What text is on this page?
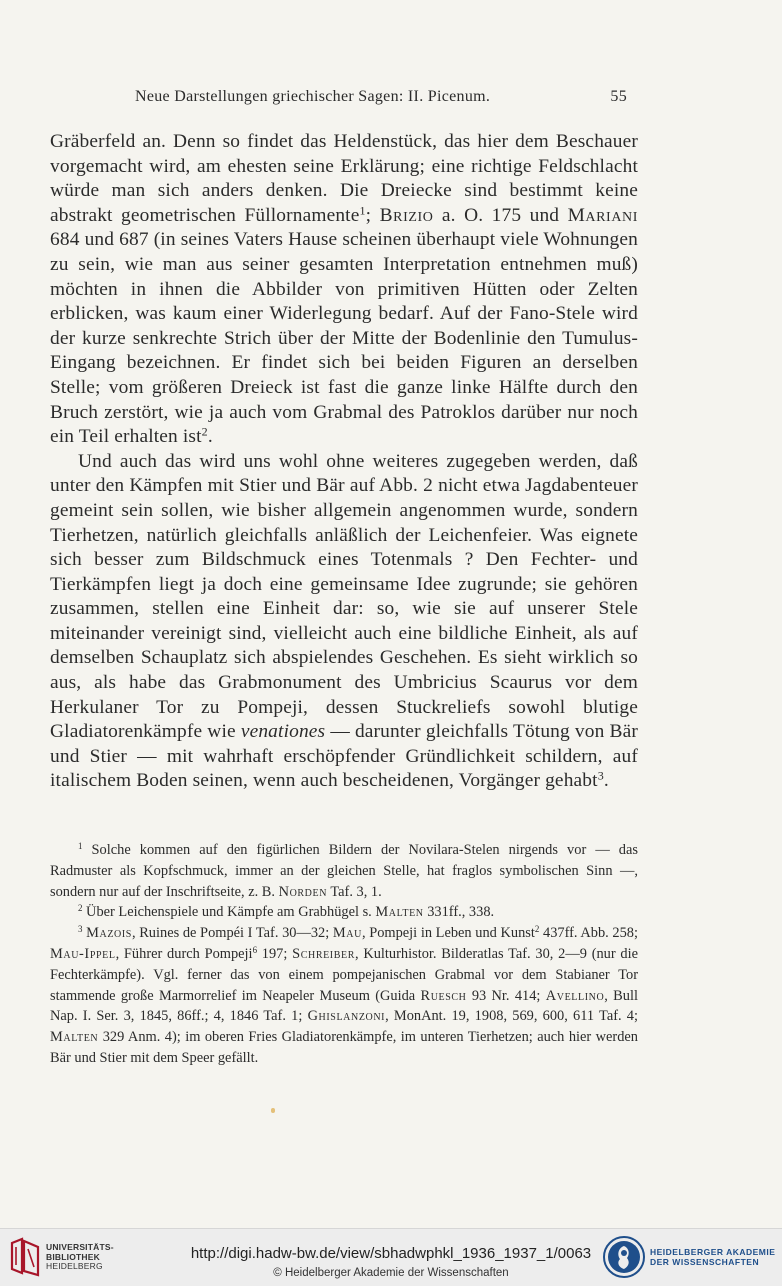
Neue Darstellungen griechischer Sagen: II. Picenum.	55

Gräberfeld an. Denn so findet das Heldenstück, das hier dem Beschauer vorgemacht wird, am ehesten seine Erklärung; eine richtige Feldschlacht würde man sich anders denken. Die Dreiecke sind bestimmt keine abstrakt geometrischen Füllornamente$^1$; Brizio a. O. 175 und Mariani 684 und 687 (in seines Vaters Hause scheinen überhaupt viele Wohnungen zu sein, wie man aus seiner gesamten Interpretation entnehmen muß) möchten in ihnen die Abbilder von primitiven Hütten oder Zelten erblicken, was kaum einer Widerlegung bedarf. Auf der Fano-Stele wird der kurze senkrechte Strich über der Mitte der Bodenlinie den Tumulus-Eingang bezeichnen. Er findet sich bei beiden Figuren an derselben Stelle; vom größeren Dreieck ist fast die ganze linke Hälfte durch den Bruch zerstört, wie ja auch vom Grabmal des Patroklos darüber nur noch ein Teil erhalten ist$^2$.

Und auch das wird uns wohl ohne weiteres zugegeben werden, daß unter den Kämpfen mit Stier und Bär auf Abb. 2 nicht etwa Jagdabenteuer gemeint sein sollen, wie bisher allgemein angenommen wurde, sondern Tierhetzen, natürlich gleichfalls anläßlich der Leichenfeier. Was eignete sich besser zum Bildschmuck eines Totenmals ? Den Fechter- und Tierkämpfen liegt ja doch eine gemeinsame Idee zugrunde; sie gehören zusammen, stellen eine Einheit dar: so, wie sie auf unserer Stele miteinander vereinigt sind, vielleicht auch eine bildliche Einheit, als auf demselben Schauplatz sich abspielendes Geschehen. Es sieht wirklich so aus, als habe das Grabmonument des Umbricius Scaurus vor dem Herkulaner Tor zu Pompeji, dessen Stuckreliefs sowohl blutige Gladiatorenkämpfe wie venationes — darunter gleichfalls Tötung von Bär und Stier — mit wahrhaft erschöpfender Gründlichkeit schildern, auf italischem Boden seinen, wenn auch bescheidenen, Vorgänger gehabt$^3$.

$^1$ Solche kommen auf den figürlichen Bildern der Novilara-Stelen nirgends vor — das Radmuster als Kopfschmuck, immer an der gleichen Stelle, hat fraglos symbolischen Sinn —, sondern nur auf der Inschriftseite, z. B. Norden Taf. 3, 1.

$^2$ Über Leichenspiele und Kämpfe am Grabhügel s. Malten 331ff., 338.

$^3$ Mazois, Ruines de Pompéi I Taf. 30—32; Mau, Pompeji in Leben und Kunst$^2$ 437ff. Abb. 258; Mau-Ippel, Führer durch Pompeji$^6$ 197; Schreiber, Kulturhistor. Bilderatlas Taf. 30, 2—9 (nur die Fechterkämpfe). Vgl. ferner das von einem pompejanischen Grabmal vor dem Stabianer Tor stammende große Marmorrelief im Neapeler Museum (Guida Ruesch 93 Nr. 414; Avellino, Bull Nap. I. Ser. 3, 1845, 86ff.; 4, 1846 Taf. 1; Ghislanzoni, MonAnt. 19, 1908, 569, 600, 611 Taf. 4; Malten 329 Anm. 4); im oberen Fries Gladiatorenkämpfe, im unteren Tierhetzen; auch hier werden Bär und Stier mit dem Speer gefällt.

UNIVERSITÄTS-
BIBLIOTHEK
HEIDELBERG
http://digi.hadw-bw.de/view/sbhadwphkl_1936_1937_1/0063
© Heidelberger Akademie der Wissenschaften
HEIDELBERGER AKADEMIE
DER WISSENSCHAFTEN
